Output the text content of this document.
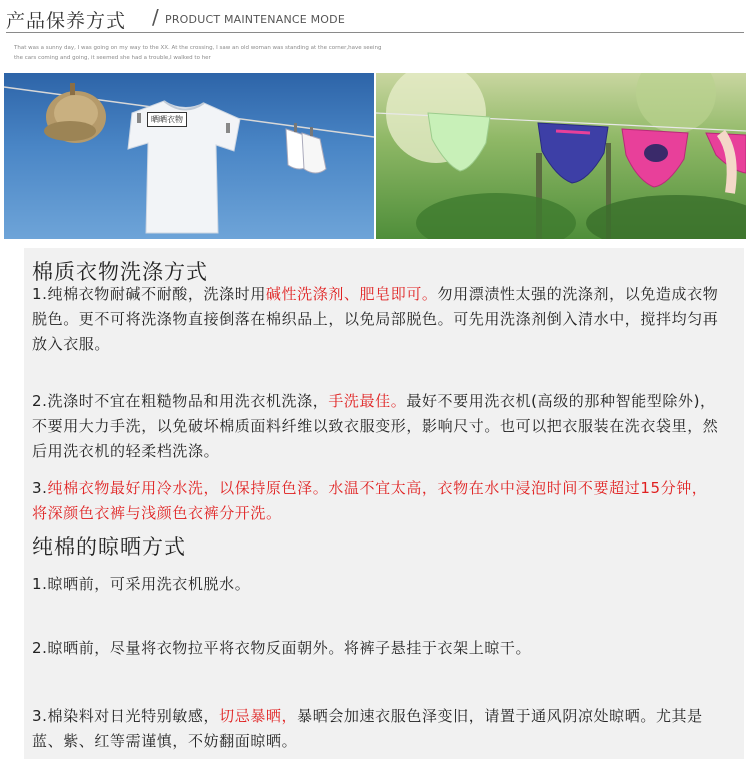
产品保养方式 / PRODUCT MAINTENANCE MODE
That was a sunny day, I was going on my way to the XX. At the crossing, I saw an old woman was standing at the corner,have seeing
the cars coming and going, it seemed she had a trouble,I walked to her
晒晒衣物
棉质衣物洗涤方式
1.纯棉衣物耐碱不耐酸，洗涤时用碱性洗涤剂、肥皂即可。勿用漂渍性太强的洗涤剂，以免造成衣物脱色。更不可将洗涤物直接倒落在棉织品上，以免局部脱色。可先用洗涤剂倒入清水中，搅拌均匀再放入衣服。
2.洗涤时不宜在粗糙物品和用洗衣机洗涤，手洗最佳。最好不要用洗衣机(高级的那种智能型除外)，不要用大力手洗，以免破坏棉质面料纤维以致衣服变形，影响尺寸。也可以把衣服装在洗衣袋里，然后用洗衣机的轻柔档洗涤。
3.纯棉衣物最好用冷水洗，以保持原色泽。水温不宜太高，衣物在水中浸泡时间不要超过15分钟，将深颜色衣裤与浅颜色衣裤分开洗。
纯棉的晾晒方式
1.晾晒前，可采用洗衣机脱水。
2.晾晒前，尽量将衣物拉平将衣物反面朝外。将裤子悬挂于衣架上晾干。
3.棉染料对日光特别敏感，切忌暴晒，暴晒会加速衣服色泽变旧，请置于通风阴凉处晾晒。尤其是蓝、紫、红等需谨慎，不妨翻面晾晒。
